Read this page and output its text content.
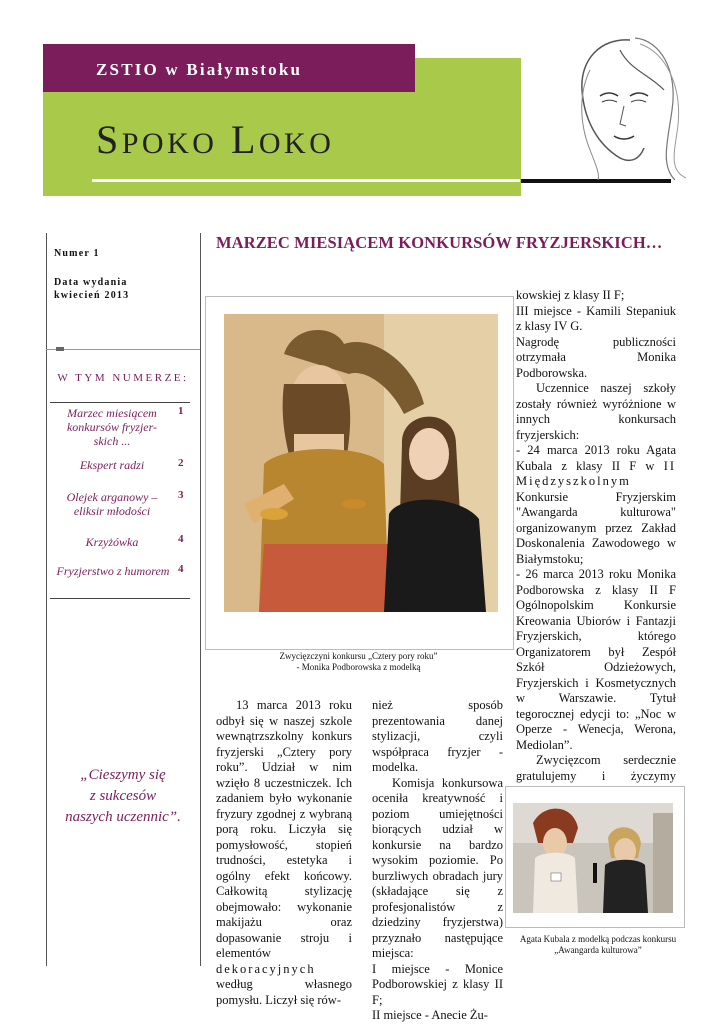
ZSTIO w Białymstoku
SPOKO LOKO
Numer 1
Data wydania
kwiecień 2013
W TYM NUMERZE:
Marzec miesiącem konkursów fryzjer-skich ...
1
Ekspert radzi	2
Olejek arganowy – eliksir młodości
3
Krzyżówka	4
Fryzjerstwo z humorem 4
„Cieszymy się
z sukcesów
naszych uczennic”.
MARZEC MIESIĄCEM KONKURSÓW FRYZJERSKICH…
Zwycięzczyni konkursu „Cztery pory roku”
- Monika Podborowska z modelką

13 marca 2013 roku odbył się w naszej szkole wewnątrzszkolny konkurs fryzjerski „Cztery pory roku”. Udział w nim wzięło 8 uczestniczek. Ich zadaniem było wykonanie fryzury zgodnej z wybraną porą roku. Liczyła się pomysłowość, stopień trudności, estetyka i ogólny efekt końcowy. Całkowitą stylizację obejmowało: wykonanie makijażu oraz dopasowanie stroju i elementów dekoracyjnych według własnego pomysłu. Liczył się rów-

nież sposób prezentowania danej stylizacji, czyli współpraca fryzjer - modelka.

Komisja konkursowa oceniła kreatywność i poziom umiejętności biorących udział w konkursie na bardzo wysokim poziomie. Po burzliwych obradach jury (składające się z profesjonalistów z dziedziny fryzjerstwa) przyznało następujące miejsca:

I miejsce - Monice Podborowskiej z klasy II F;

II miejsce - Anecie Żu-

kowskiej z klasy II F;

III miejsce - Kamili Stepaniuk z klasy IV G.

Nagrodę publiczności otrzymała Monika Podborowska.

Uczennice naszej szkoły zostały również wyróżnione w innych konkursach fryzjerskich:

- 24 marca 2013 roku Agata Kubala z klasy II F w II Międzyszkolnym Konkursie Fryzjerskim "Awangarda kulturowa" organizowanym przez Zakład Doskonalenia Zawodowego w Białymstoku;

- 26 marca 2013 roku Monika Podborowska z klasy II F Ogólnopolskim Konkursie Kreowania Ubiorów i Fantazji Fryzjerskich, którego Organizatorem był Zespół Szkół Odzieżowych, Fryzjerskich i Kosmetycznych w Warszawie. Tytuł tegorocznej edycji to: „Noc w Operze - Wenecja, Werona, Mediolan”.

Zwycięzcom serdecznie gratulujemy i życzymy

Agata Kubala z modelką podczas konkursu
„Awangarda kulturowa”
